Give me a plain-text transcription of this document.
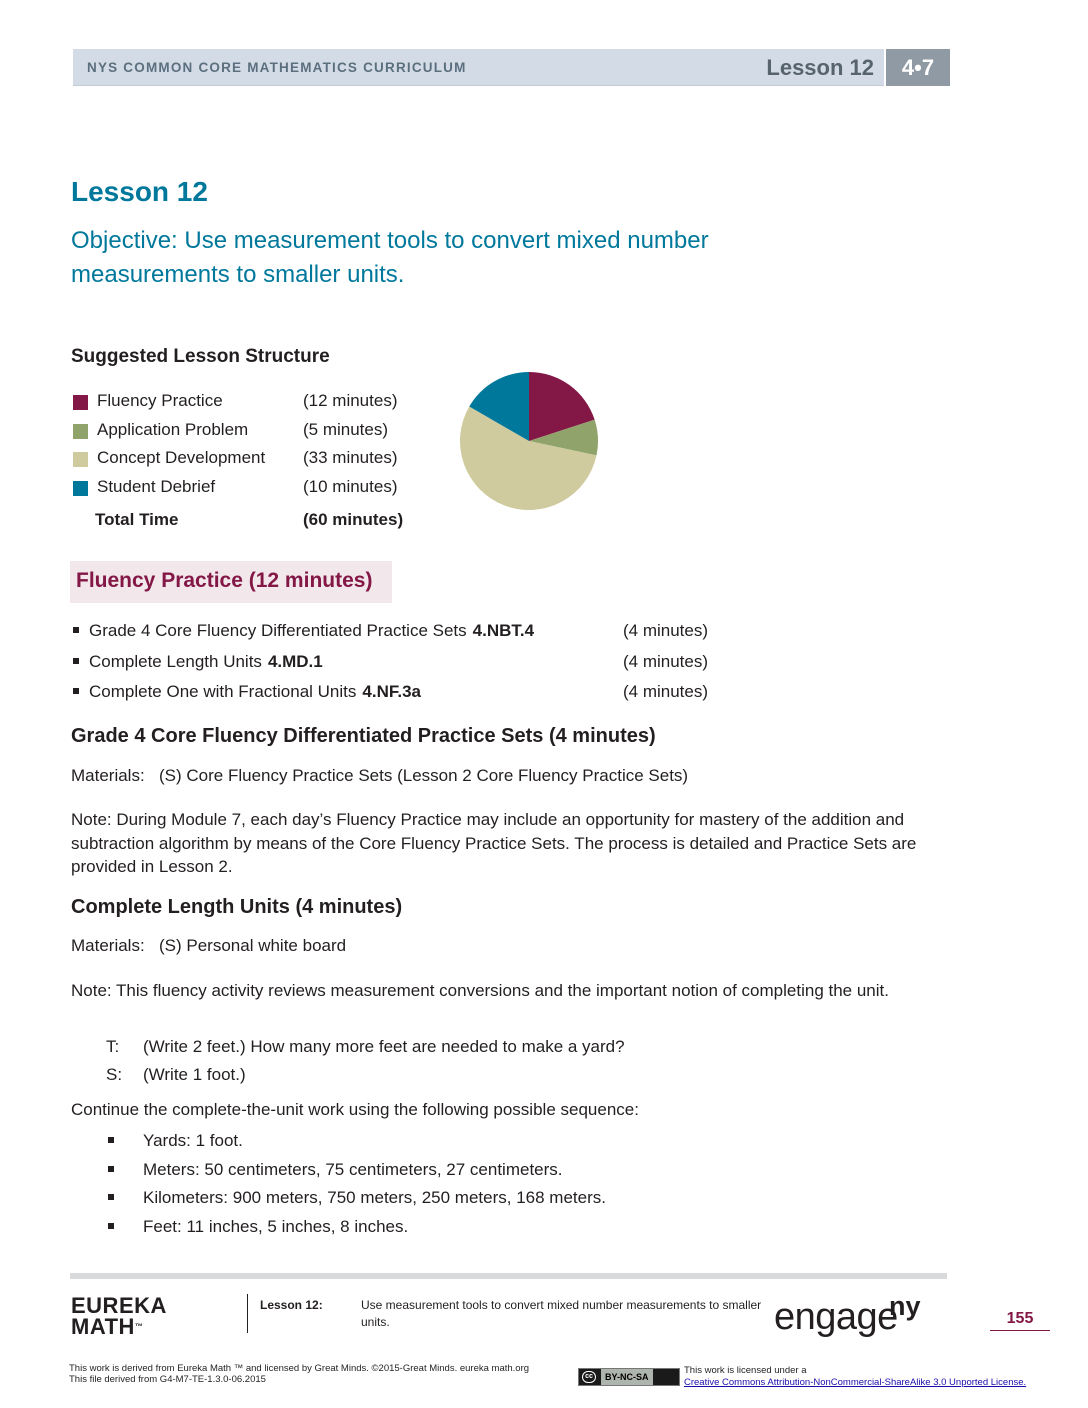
NYS COMMON CORE MATHEMATICS CURRICULUM	Lesson 12	4•7
Lesson 12
Objective: Use measurement tools to convert mixed number measurements to smaller units.
Suggested Lesson Structure
Fluency Practice	(12 minutes)
Application Problem	(5 minutes)
Concept Development (33 minutes)
Student Debrief	(10 minutes)
Total Time	(60 minutes)
Fluency Practice (12 minutes)
Grade 4 Core Fluency Differentiated Practice Sets 4.NBT.4	(4 minutes)
Complete Length Units 4.MD.1	(4 minutes)
Complete One with Fractional Units 4.NF.3a	(4 minutes)
Grade 4 Core Fluency Differentiated Practice Sets (4 minutes)
Materials: (S) Core Fluency Practice Sets (Lesson 2 Core Fluency Practice Sets)
Note: During Module 7, each day’s Fluency Practice may include an opportunity for mastery of the addition and subtraction algorithm by means of the Core Fluency Practice Sets. The process is detailed and Practice Sets are provided in Lesson 2.
Complete Length Units (4 minutes)
Materials: (S) Personal white board
Note: This fluency activity reviews measurement conversions and the important notion of completing the unit.
T: (Write 2 feet.) How many more feet are needed to make a yard?
S: (Write 1 foot.)
Continue the complete-the-unit work using the following possible sequence:
Yards: 1 foot.
Meters: 50 centimeters, 75 centimeters, 27 centimeters.
Kilometers: 900 meters, 750 meters, 250 meters, 168 meters.
Feet: 11 inches, 5 inches, 8 inches.
EUREKA
MATH™
Lesson 12:	Use measurement tools to convert mixed number measurements to smaller units.	engage
ny	155
This work is derived from Eureka Math ™ and licensed by Great Minds. ©2015-Great Minds. eureka math.org
This file derived from G4-M7-TE-1.3.0-06.2015	cc	BY-NC-SA
This work is licensed under a
Creative Commons Attribution-NonCommercial-ShareAlike 3.0 Unported License.
